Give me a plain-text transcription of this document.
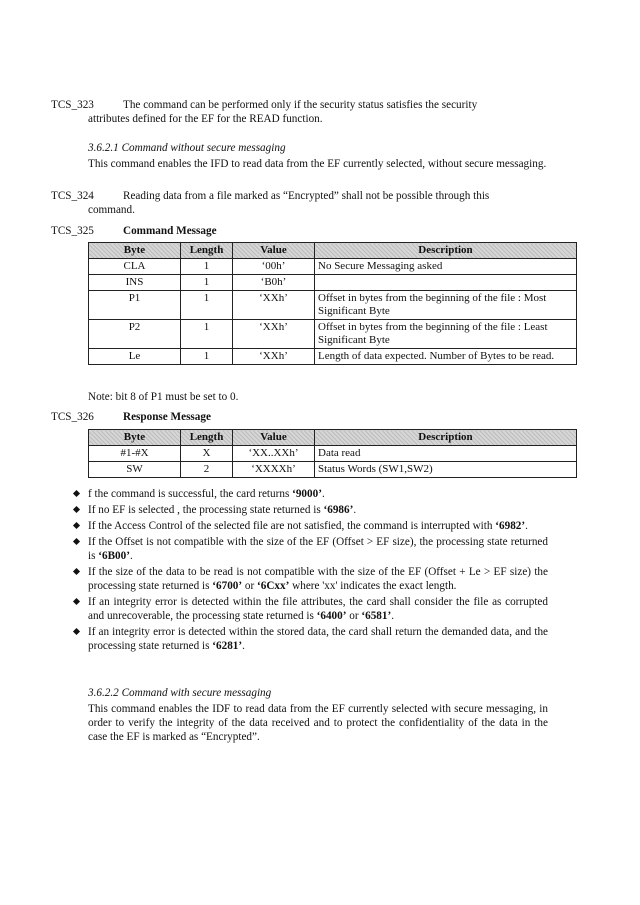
TCS_323	The command can be performed only if the security status satisfies the security
attributes defined for the EF for the READ function.
3.6.2.1 Command without secure messaging
This command enables the IFD to read data from the EF currently selected, without secure messaging.
TCS_324	Reading data from a file marked as “Encrypted” shall not be possible through this
command.
TCS_325	Command Message
Byte	Length	Value	Description
CLA	1	‘00h’	No Secure Messaging asked
INS	1	‘B0h’	
P1	1	‘XXh’	Offset in bytes from the beginning of the file : Most Significant Byte
P2	1	‘XXh’	Offset in bytes from the beginning of the file : Least Significant Byte
Le	1	‘XXh’	Length of data expected. Number of Bytes to be read.
Note: bit 8 of P1 must be set to 0.
TCS_326	Response Message
Byte	Length	Value	Description
#1-#X	X	‘XX..XXh’	Data read
SW	2	‘XXXXh’	Status Words (SW1,SW2)
f the command is successful, the card returns ‘9000’.
If no EF is selected , the processing state returned is ‘6986’.
If the Access Control of the selected file are not satisfied, the command is interrupted with ‘6982’.
If the Offset is not compatible with the size of the EF (Offset > EF size), the processing state returned is ‘6B00’.
If the size of the data to be read is not compatible with the size of the EF (Offset + Le > EF size) the processing state returned is ‘6700’ or ‘6Cxx’ where 'xx' indicates the exact length.
If an integrity error is detected within the file attributes, the card shall consider the file as corrupted and unrecoverable, the processing state returned is ‘6400’ or ‘6581’.
If an integrity error is detected within the stored data, the card shall return the demanded data, and the processing state returned is ‘6281’.
3.6.2.2 Command with secure messaging
This command enables the IDF to read data from the EF currently selected with secure messaging, in order to verify the integrity of the data received and to protect the confidentiality of the data in the case the EF is marked as “Encrypted”.
